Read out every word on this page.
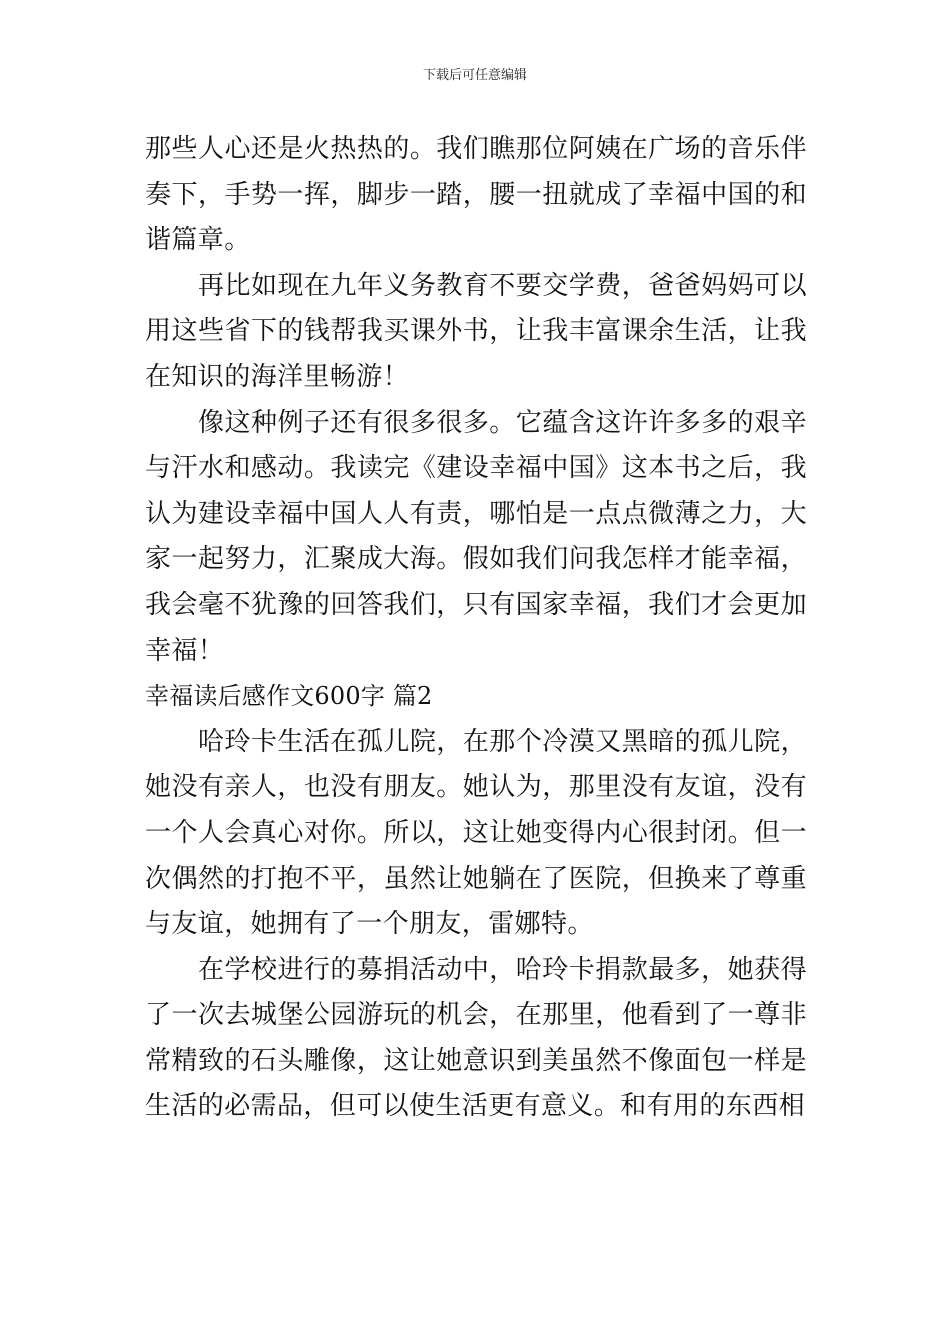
下载后可任意编辑

那些人心还是火热热的。我们瞧那位阿姨在广场的音乐伴奏下，手势一挥，脚步一踏，腰一扭就成了幸福中国的和谐篇章。

再比如现在九年义务教育不要交学费，爸爸妈妈可以用这些省下的钱帮我买课外书，让我丰富课余生活，让我在知识的海洋里畅游！

像这种例子还有很多很多。它蕴含这许许多多的艰辛与汗水和感动。我读完《建设幸福中国》这本书之后，我认为建设幸福中国人人有责，哪怕是一点点微薄之力，大家一起努力，汇聚成大海。假如我们问我怎样才能幸福，我会毫不犹豫的回答我们，只有国家幸福，我们才会更加幸福！

幸福读后感作文600字 篇2

哈玲卡生活在孤儿院，在那个冷漠又黑暗的孤儿院，她没有亲人，也没有朋友。她认为，那里没有友谊，没有一个人会真心对你。所以，这让她变得内心很封闭。但一次偶然的打抱不平，虽然让她躺在了医院，但换来了尊重与友谊，她拥有了一个朋友，雷娜特。

在学校进行的募捐活动中，哈玲卡捐款最多，她获得了一次去城堡公园游玩的机会，在那里，他看到了一尊非常精致的石头雕像，这让她意识到美虽然不像面包一样是生活的必需品，但可以使生活更有意义。和有用的东西相
